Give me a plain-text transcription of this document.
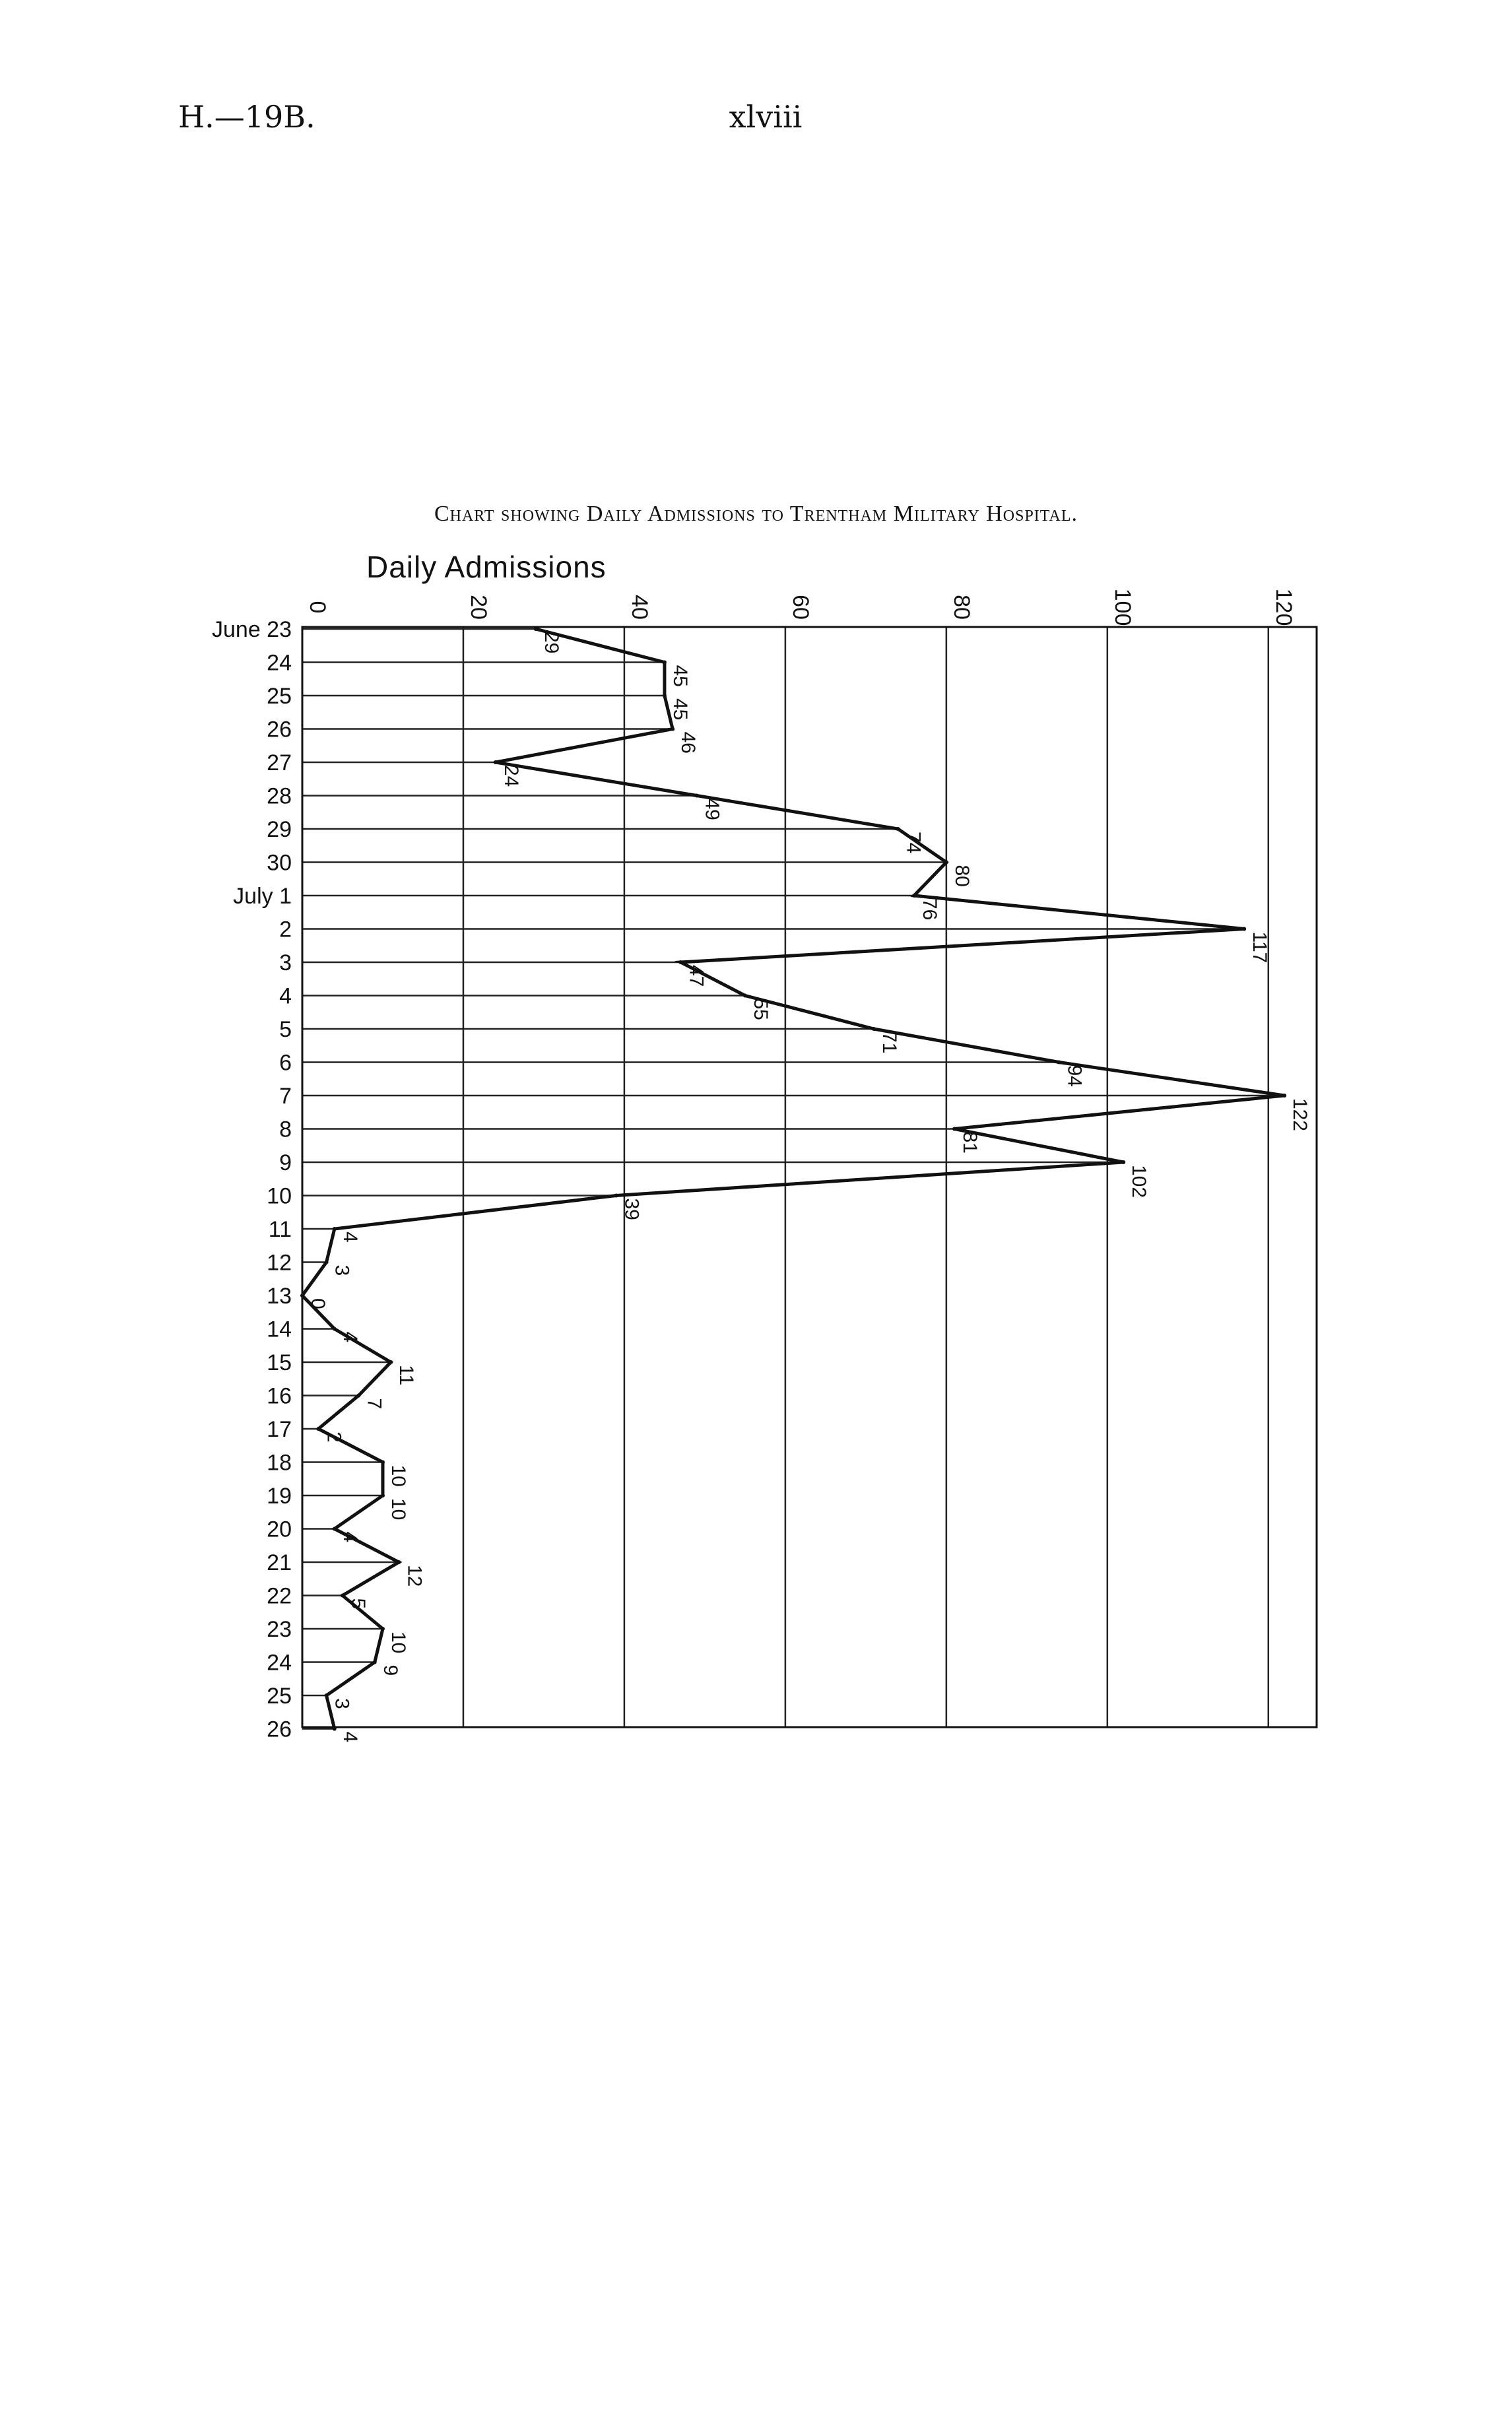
H.—19B.	xlviii
Chart showing Daily Admissions to Trentham Military Hospital.
29
45
45
46
24
49
74
80
76
117
47
55
71
94
122
81
102
39
4
3
0
4
11
7
2
10
10
4
12
5
10
9
3
4
0	20	40	60	80	100	120
June 23
24
25
26
27
28
29
30
July 1
2
3
4
5
6
7
8
9
10
11
12
13
14
15
16
17
18
19
20
21
22
23
24
25
26
Daily Admissions
